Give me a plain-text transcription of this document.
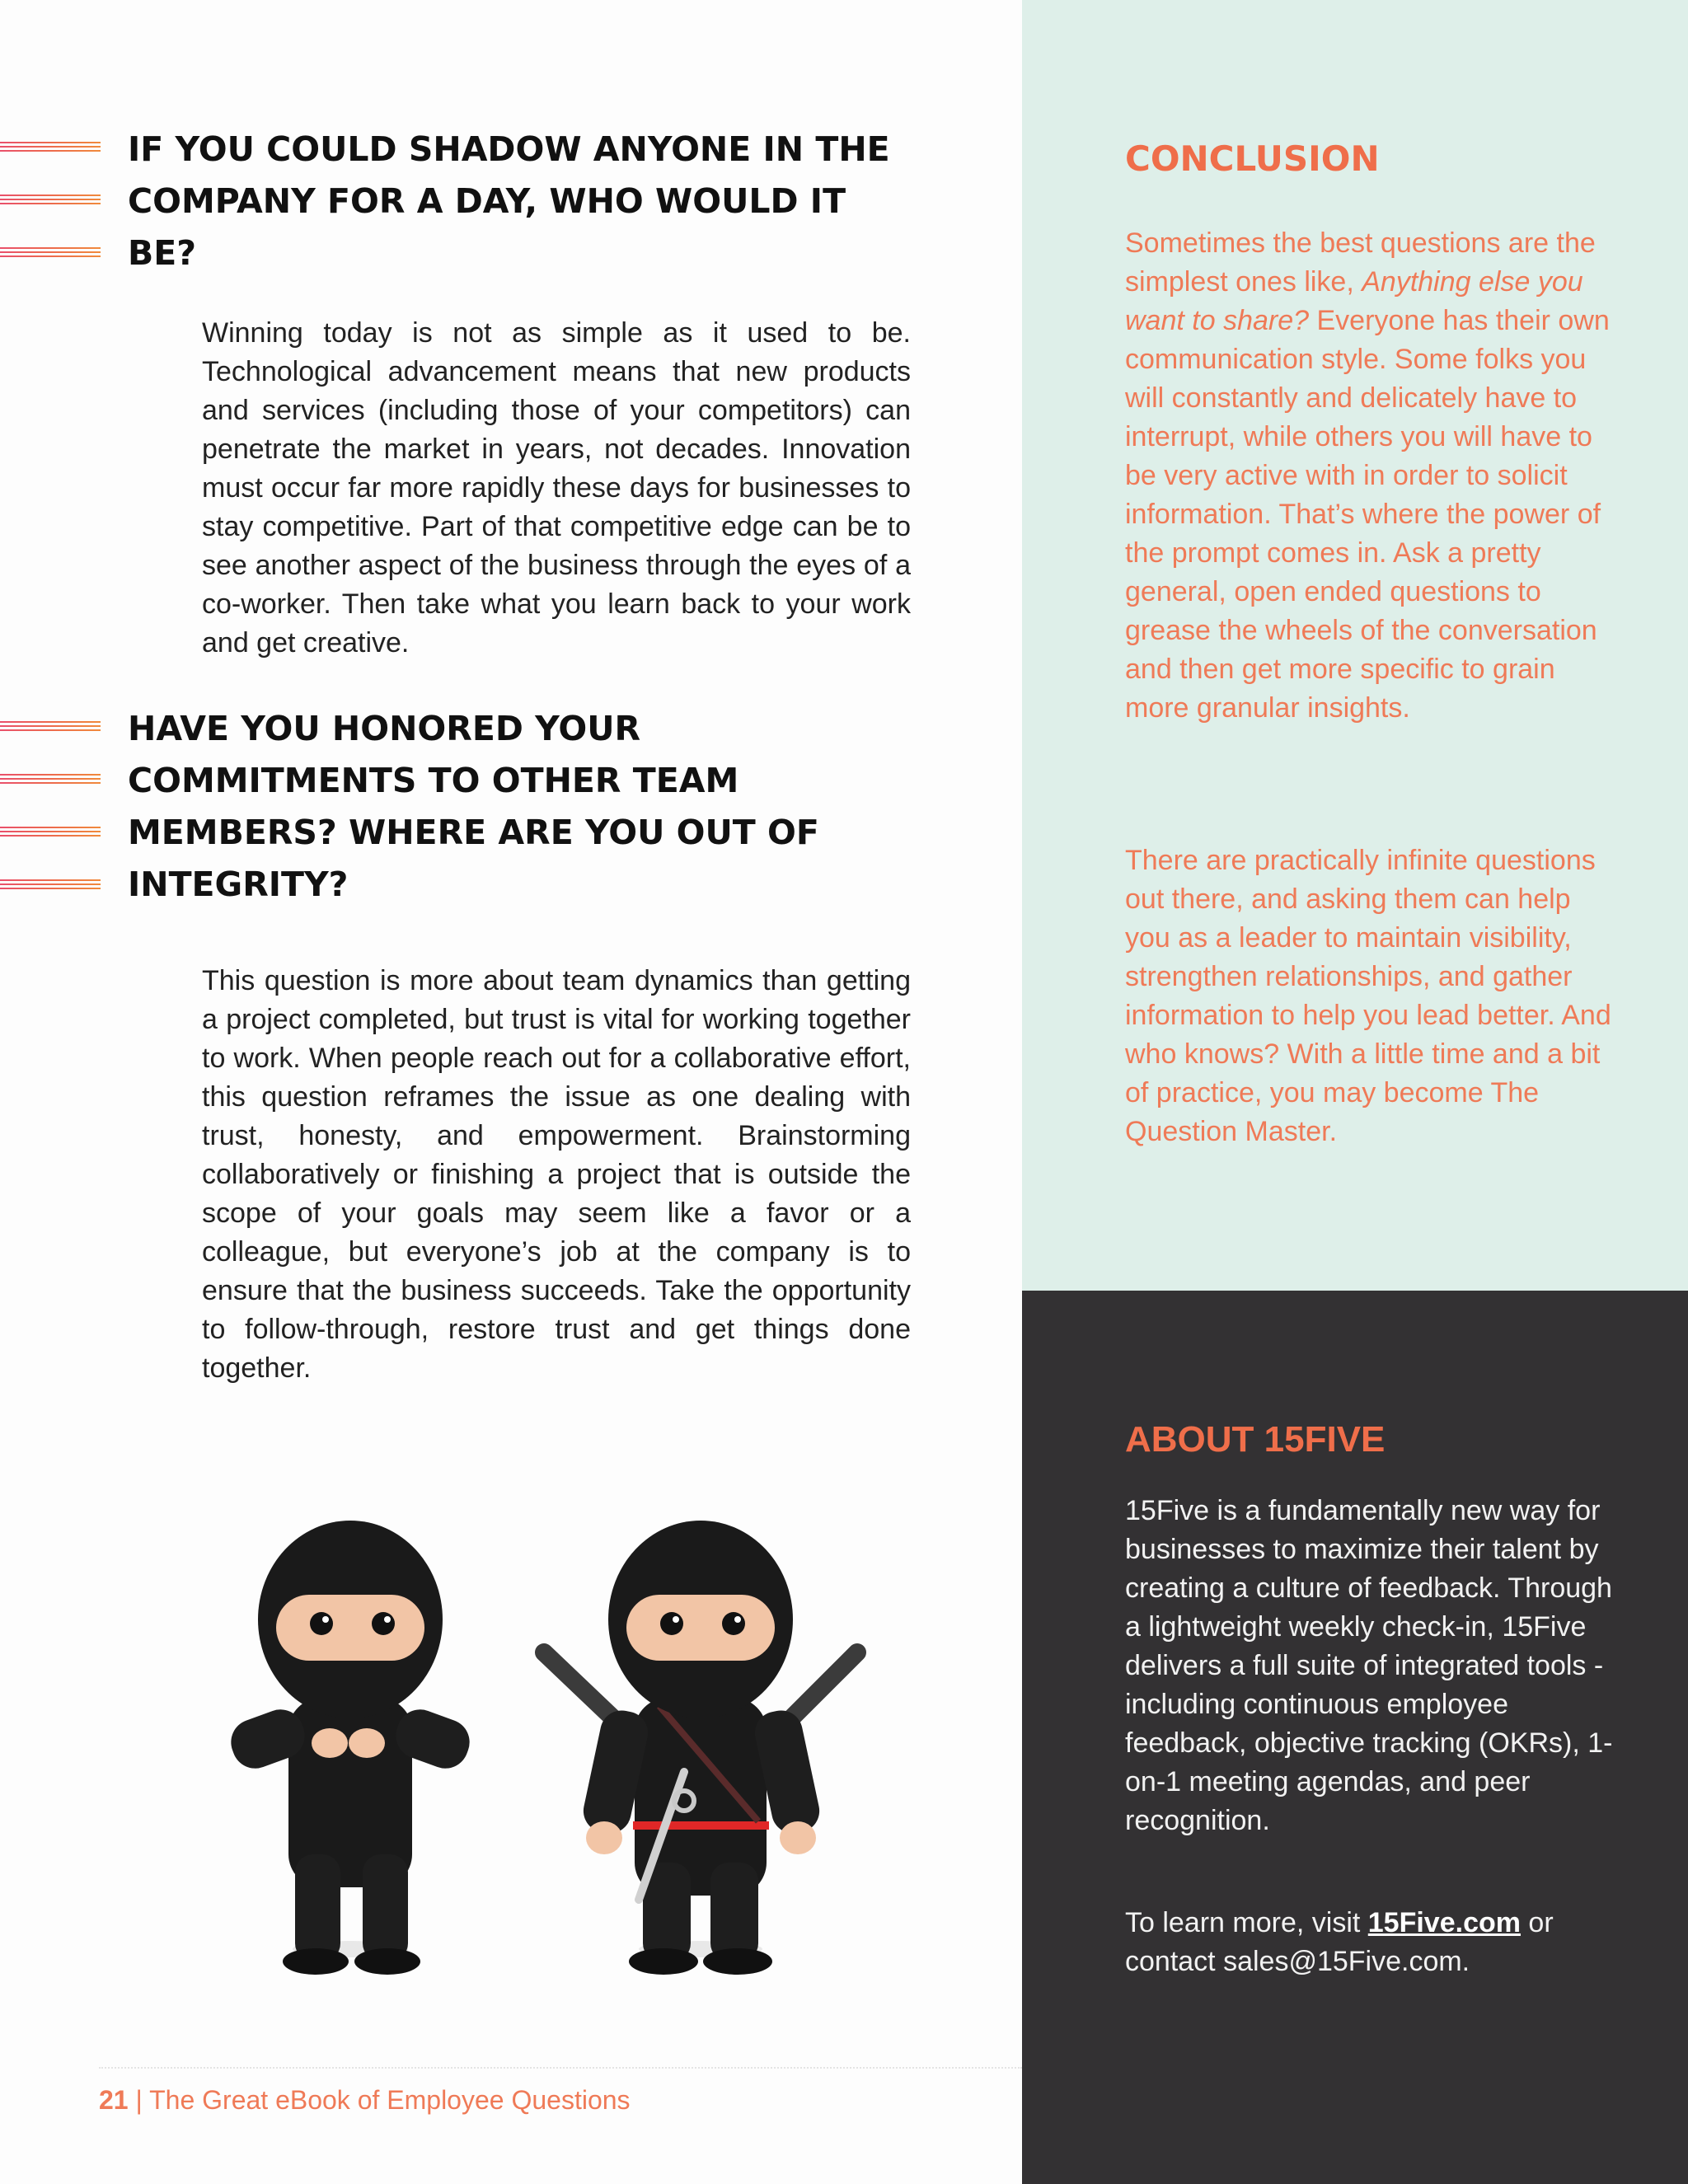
IF YOU COULD SHADOW ANYONE IN THE
COMPANY FOR A DAY, WHO WOULD IT
BE?
Winning today is not as simple as it used to be. Technological advancement means that new products and services (including those of your competitors) can penetrate the market in years, not decades. Innovation must occur far more rapidly these days for businesses to stay competitive. Part of that competitive edge can be to see another aspect of the business through the eyes of a co-worker. Then take what you learn back to your work and get creative.
HAVE YOU HONORED YOUR
COMMITMENTS TO OTHER TEAM
MEMBERS? WHERE ARE YOU OUT OF
INTEGRITY?
This question is more about team dynamics than getting a project completed, but trust is vital for working together to work. When people reach out for a collaborative effort, this question reframes the issue as one dealing with trust, honesty, and empowerment. Brainstorming collaboratively or finishing a project that is outside the scope of your goals may seem like a favor or a colleague, but everyone’s job at the company is to ensure that the business succeeds. Take the opportunity to follow-through, restore trust and get things done together.
CONCLUSION
Sometimes the best questions are the simplest ones like, Anything else you want to share? Everyone has their own communication style. Some folks you will constantly and delicately have to interrupt, while others you will have to be very active with in order to solicit information. That’s where the power of the prompt comes in. Ask a pretty general, open ended questions to grease the wheels of the conversation and then get more specific to grain more granular insights.
There are practically infinite questions out there, and asking them can help you as a leader to maintain visibility, strengthen relationships, and gather information to help you lead better. And who knows? With a little time and a bit of practice, you may become The Question Master.
ABOUT 15FIVE
15Five is a fundamentally new way for businesses to maximize their talent by creating a culture of feedback. Through a lightweight weekly check-in, 15Five delivers a full suite of integrated tools - including continuous employee feedback, objective tracking (OKRs), 1-on-1 meeting agendas, and peer recognition.
To learn more, visit 15Five.com or contact sales@15Five.com.
21 | The Great eBook of Employee Questions
